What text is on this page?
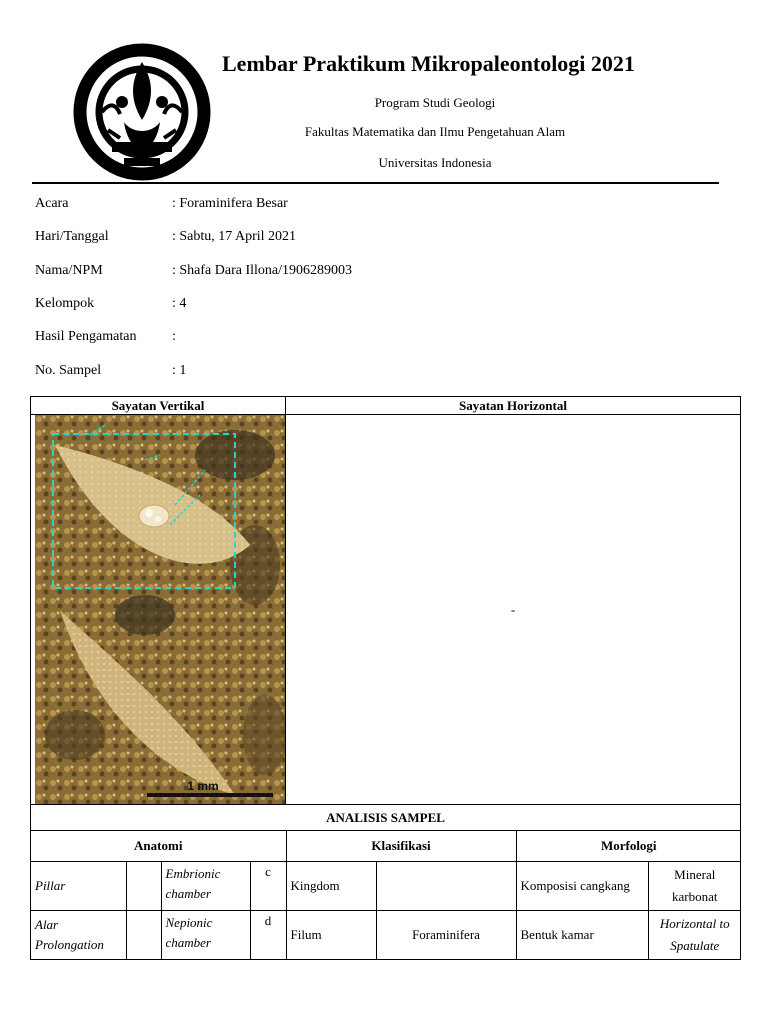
Lembar Praktikum Mikropaleontologi 2021
Program Studi Geologi
Fakultas Matematika dan Ilmu Pengetahuan Alam
Universitas Indonesia
Acara	: Foraminifera Besar
Hari/Tanggal	: Sabtu, 17 April 2021
Nama/NPM	: Shafa Dara Illona/1906289003
Kelompok	: 4
Hasil Pengamatan	:
No. Sampel	: 1
Sayatan Vertikal	Sayatan Horizontal

1 mm
	-
ANALISIS SAMPEL

Anatomi	Klasifikasi	Morfologi

Pillar		Embrionic chamber	c	Kingdom		Komposisi cangkang	Mineral karbonat

Alar Prolongation		Nepionic chamber	d	Filum	Foraminifera	Bentuk kamar	Horizontal to Spatulate
